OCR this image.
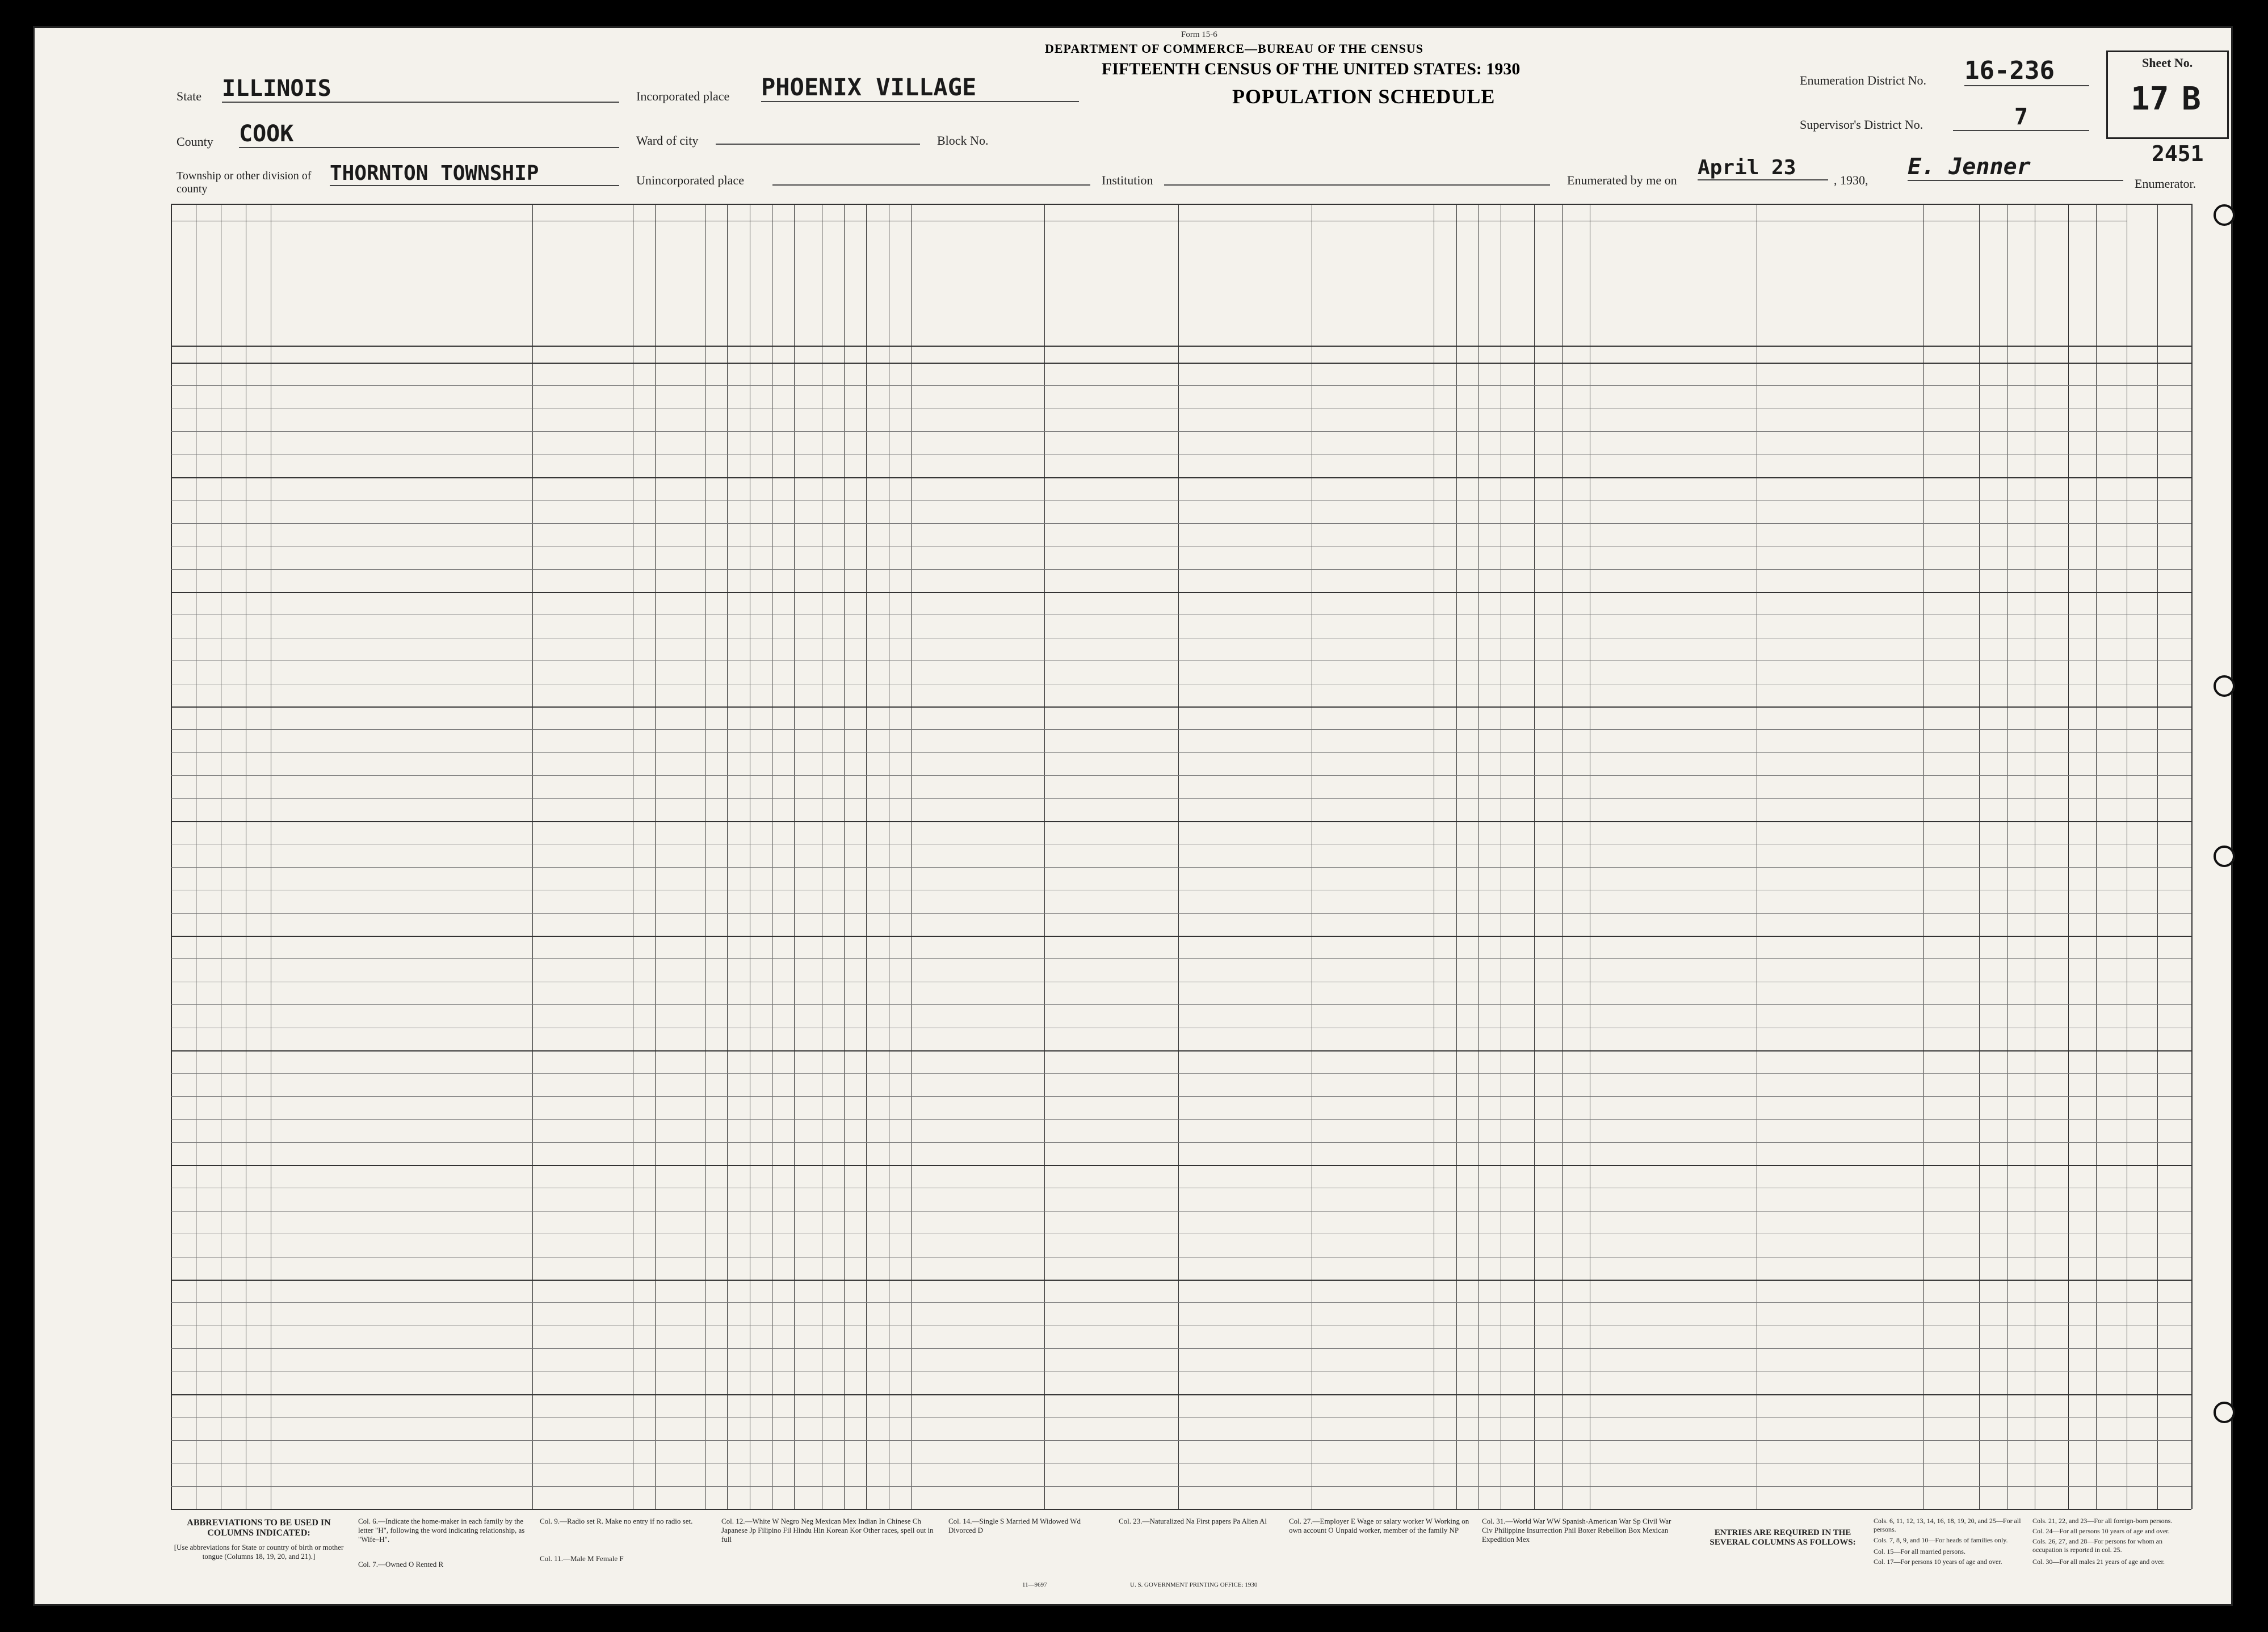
Form 15-6
DEPARTMENT OF COMMERCE—BUREAU OF THE CENSUS
FIFTEENTH CENSUS OF THE UNITED STATES: 1930
POPULATION SCHEDULE
State ILLINOIS
County COOK
Township or other division of county
THORNTON TOWNSHIP
Incorporated place PHOENIX VILLAGE
Ward of city	Block No.
Unincorporated place	Institution
Enumeration District No. 16-236
Supervisor's District No.	7
Enumerated by me on
April 23
, 1930,
E. Jenner
Enumerator.
Sheet No.
17 B
2451
ABBREVIATIONS TO BE USED IN COLUMNS INDICATED:
[Use abbreviations for State or country of birth or mother tongue (Columns 18, 19, 20, and 21).]
Col. 6.—Indicate the home-maker in each family by the letter "H", following the word indicating relationship, as "Wife–H".
Col. 7.—Owned O Rented R
Col. 9.—Radio set R. Make no entry if no radio set.
Col. 11.—Male M Female F
Col. 12.—White W Negro Neg Mexican Mex Indian In Chinese Ch Japanese Jp Filipino Fil Hindu Hin Korean Kor Other races, spell out in full
Col. 14.—Single S Married M Widowed Wd Divorced D
Col. 23.—Naturalized Na First papers Pa Alien Al	Col. 27.—Employer E Wage or salary worker W Working on own account O Unpaid worker, member of the family NP
Col. 31.—World War WW Spanish-American War Sp Civil War Civ Philippine Insurrection Phil Boxer Rebellion Box Mexican Expedition Mex
ENTRIES ARE REQUIRED IN THE SEVERAL COLUMNS AS FOLLOWS:
Cols. 6, 11, 12, 13, 14, 16, 18, 19, 20, and 25—For all persons.
Cols. 7, 8, 9, and 10—For heads of families only.
Col. 15—For all married persons.
Col. 17—For persons 10 years of age and over.
Cols. 21, 22, and 23—For all foreign-born persons.
Col. 24—For all persons 10 years of age and over.
Cols. 26, 27, and 28—For persons for whom an occupation is reported in col. 25.
Col. 30—For all males 21 years of age and over.
U. S. GOVERNMENT PRINTING OFFICE: 1930
11—9697
